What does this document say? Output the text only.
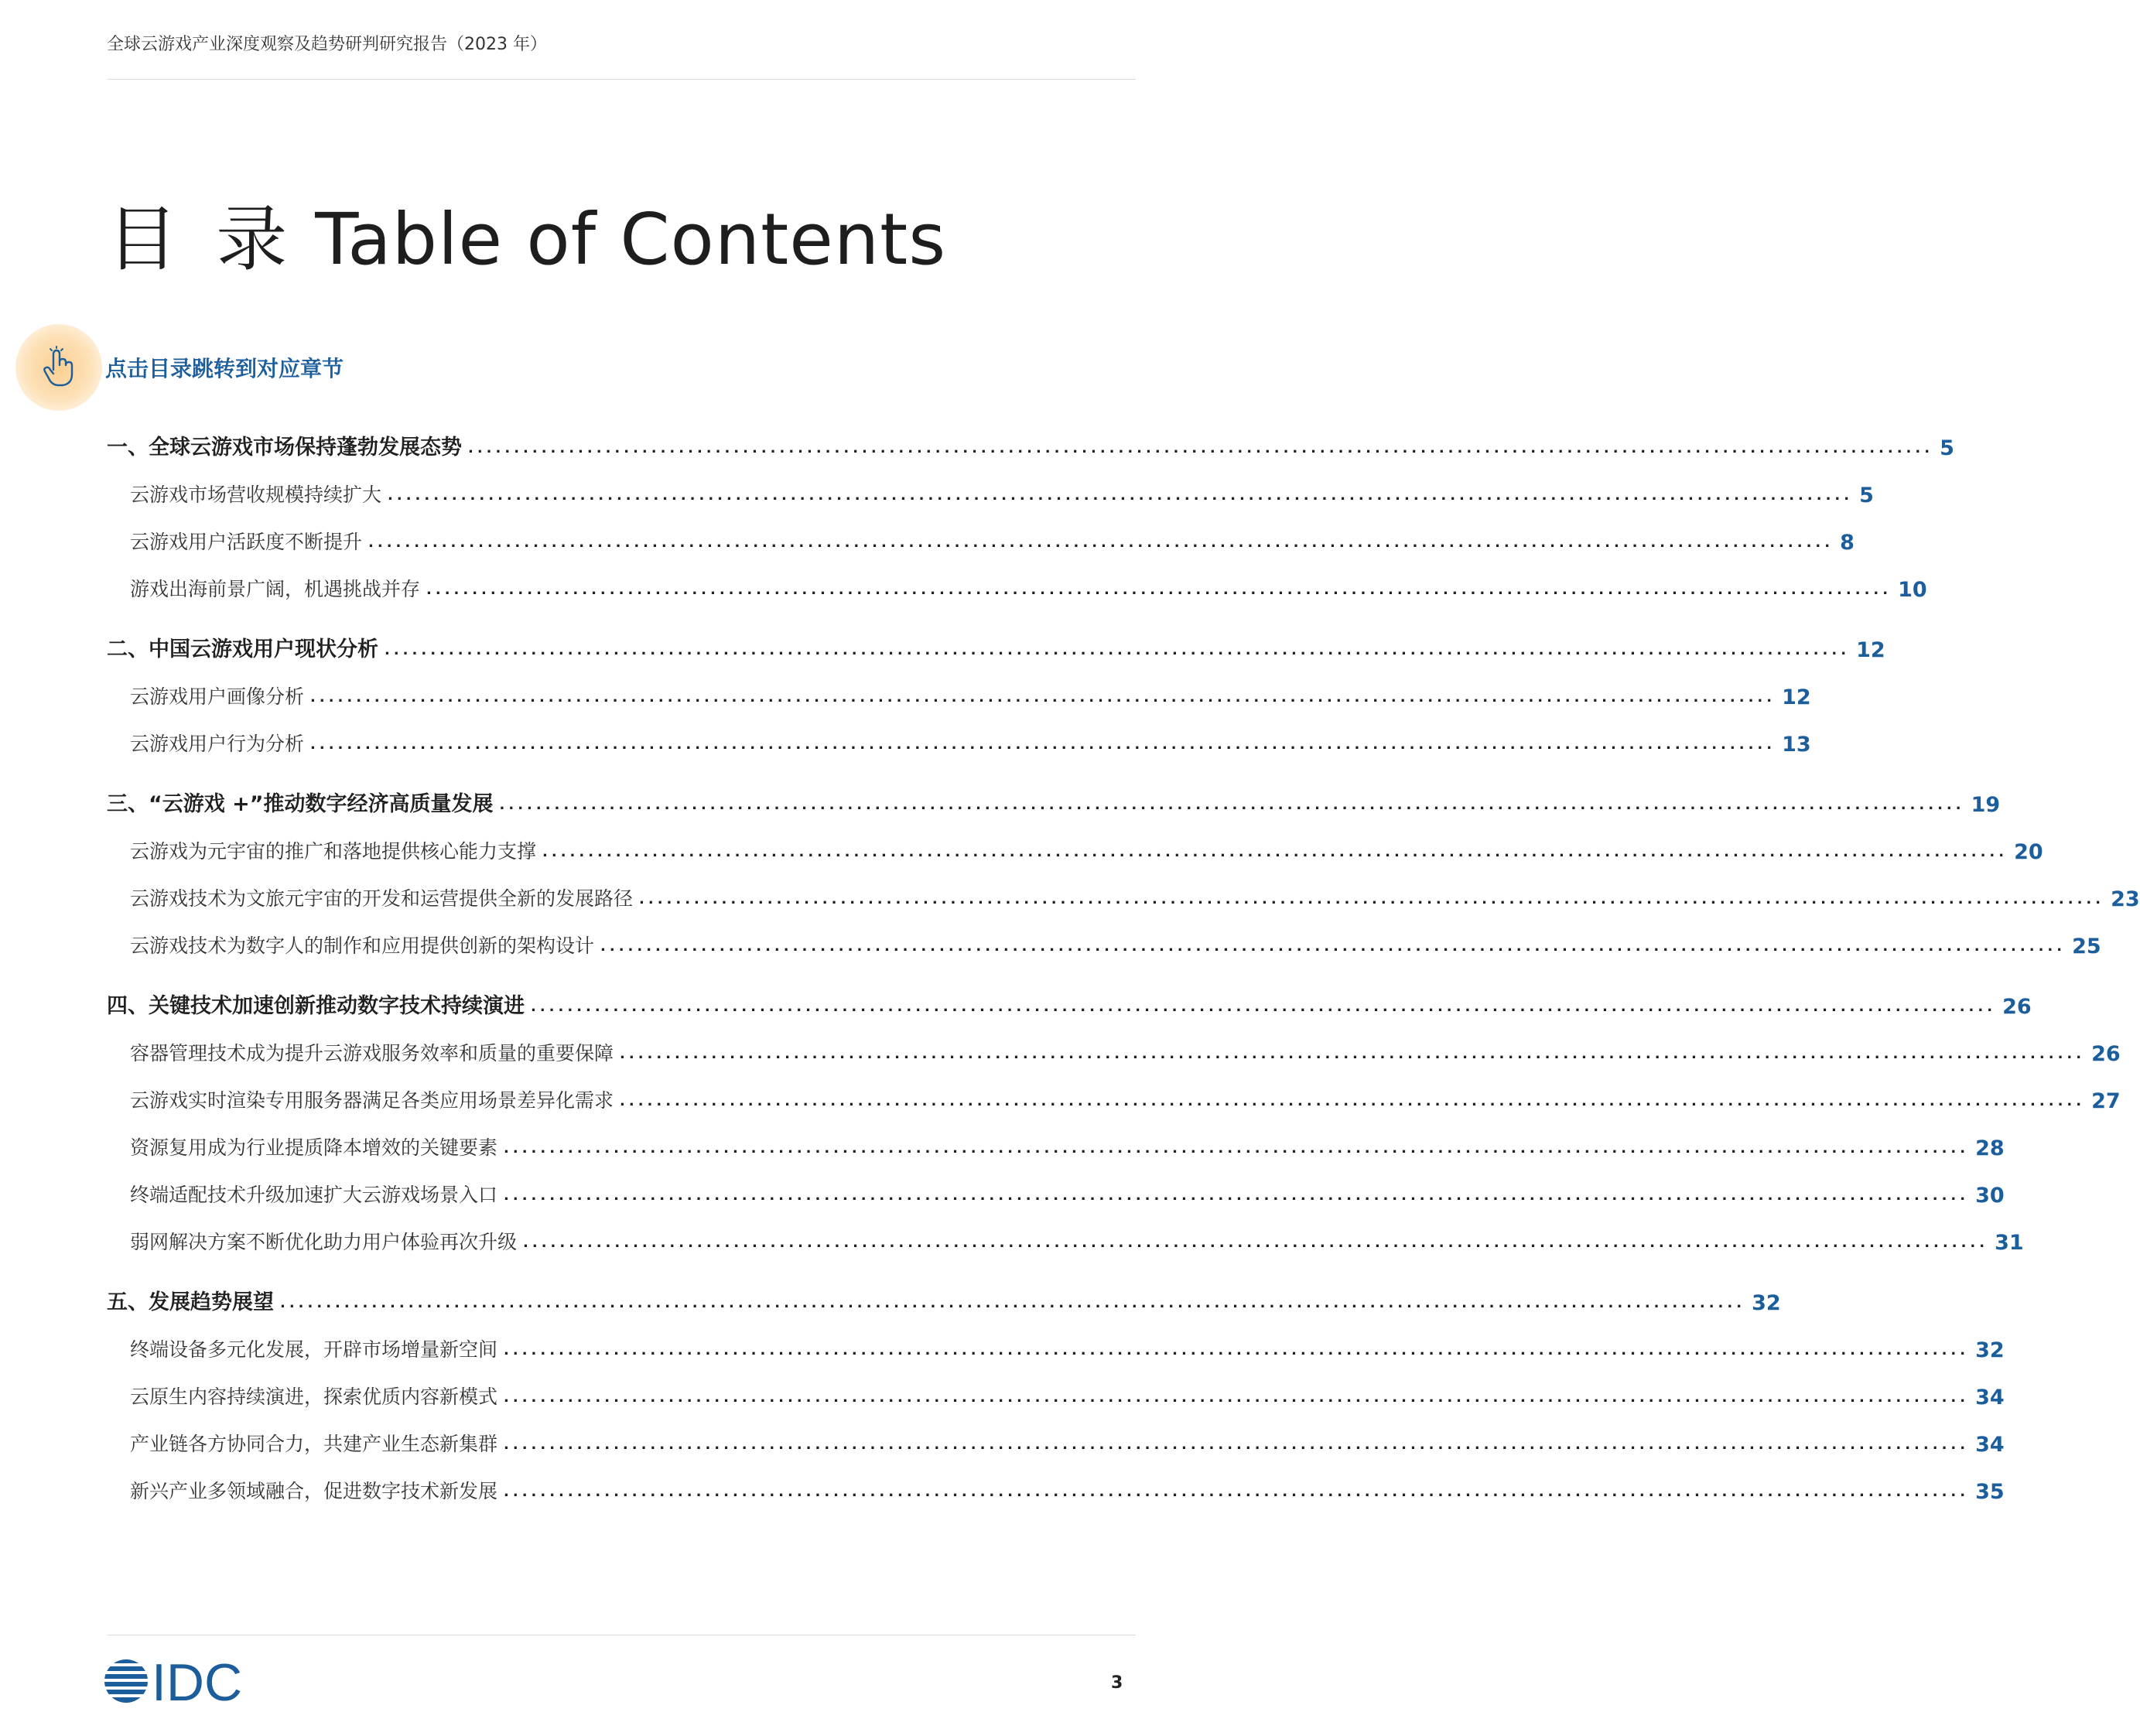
全球云游戏产业深度观察及趋势研判研究报告（2023 年）
目 录 Table of Contents
点击目录跳转到对应章节
一、全球云游戏市场保持蓬勃发展态势 ................................................................................................................................................................ 5
云游戏市场营收规模持续扩大 ................................................................................................................................................................ 5
云游戏用户活跃度不断提升 ................................................................................................................................................................ 8
游戏出海前景广阔，机遇挑战并存 ................................................................................................................................................................ 10
二、中国云游戏用户现状分析 ................................................................................................................................................................ 12
云游戏用户画像分析 ................................................................................................................................................................ 12
云游戏用户行为分析 ................................................................................................................................................................ 13
三、“云游戏 +”推动数字经济高质量发展 ................................................................................................................................................................ 19
云游戏为元宇宙的推广和落地提供核心能力支撑 ................................................................................................................................................................ 20
云游戏技术为文旅元宇宙的开发和运营提供全新的发展路径 ................................................................................................................................................................ 23
云游戏技术为数字人的制作和应用提供创新的架构设计 ................................................................................................................................................................ 25
四、关键技术加速创新推动数字技术持续演进 ................................................................................................................................................................ 26
容器管理技术成为提升云游戏服务效率和质量的重要保障 ................................................................................................................................................................ 26
云游戏实时渲染专用服务器满足各类应用场景差异化需求 ................................................................................................................................................................ 27
资源复用成为行业提质降本增效的关键要素 ................................................................................................................................................................ 28
终端适配技术升级加速扩大云游戏场景入口 ................................................................................................................................................................ 30
弱网解决方案不断优化助力用户体验再次升级 ................................................................................................................................................................ 31
五、发展趋势展望 ................................................................................................................................................................ 32
终端设备多元化发展，开辟市场增量新空间 ................................................................................................................................................................ 32
云原生内容持续演进，探索优质内容新模式 ................................................................................................................................................................ 34
产业链各方协同合力，共建产业生态新集群 ................................................................................................................................................................ 34
新兴产业多领域融合，促进数字技术新发展 ................................................................................................................................................................ 35
IDC	3
